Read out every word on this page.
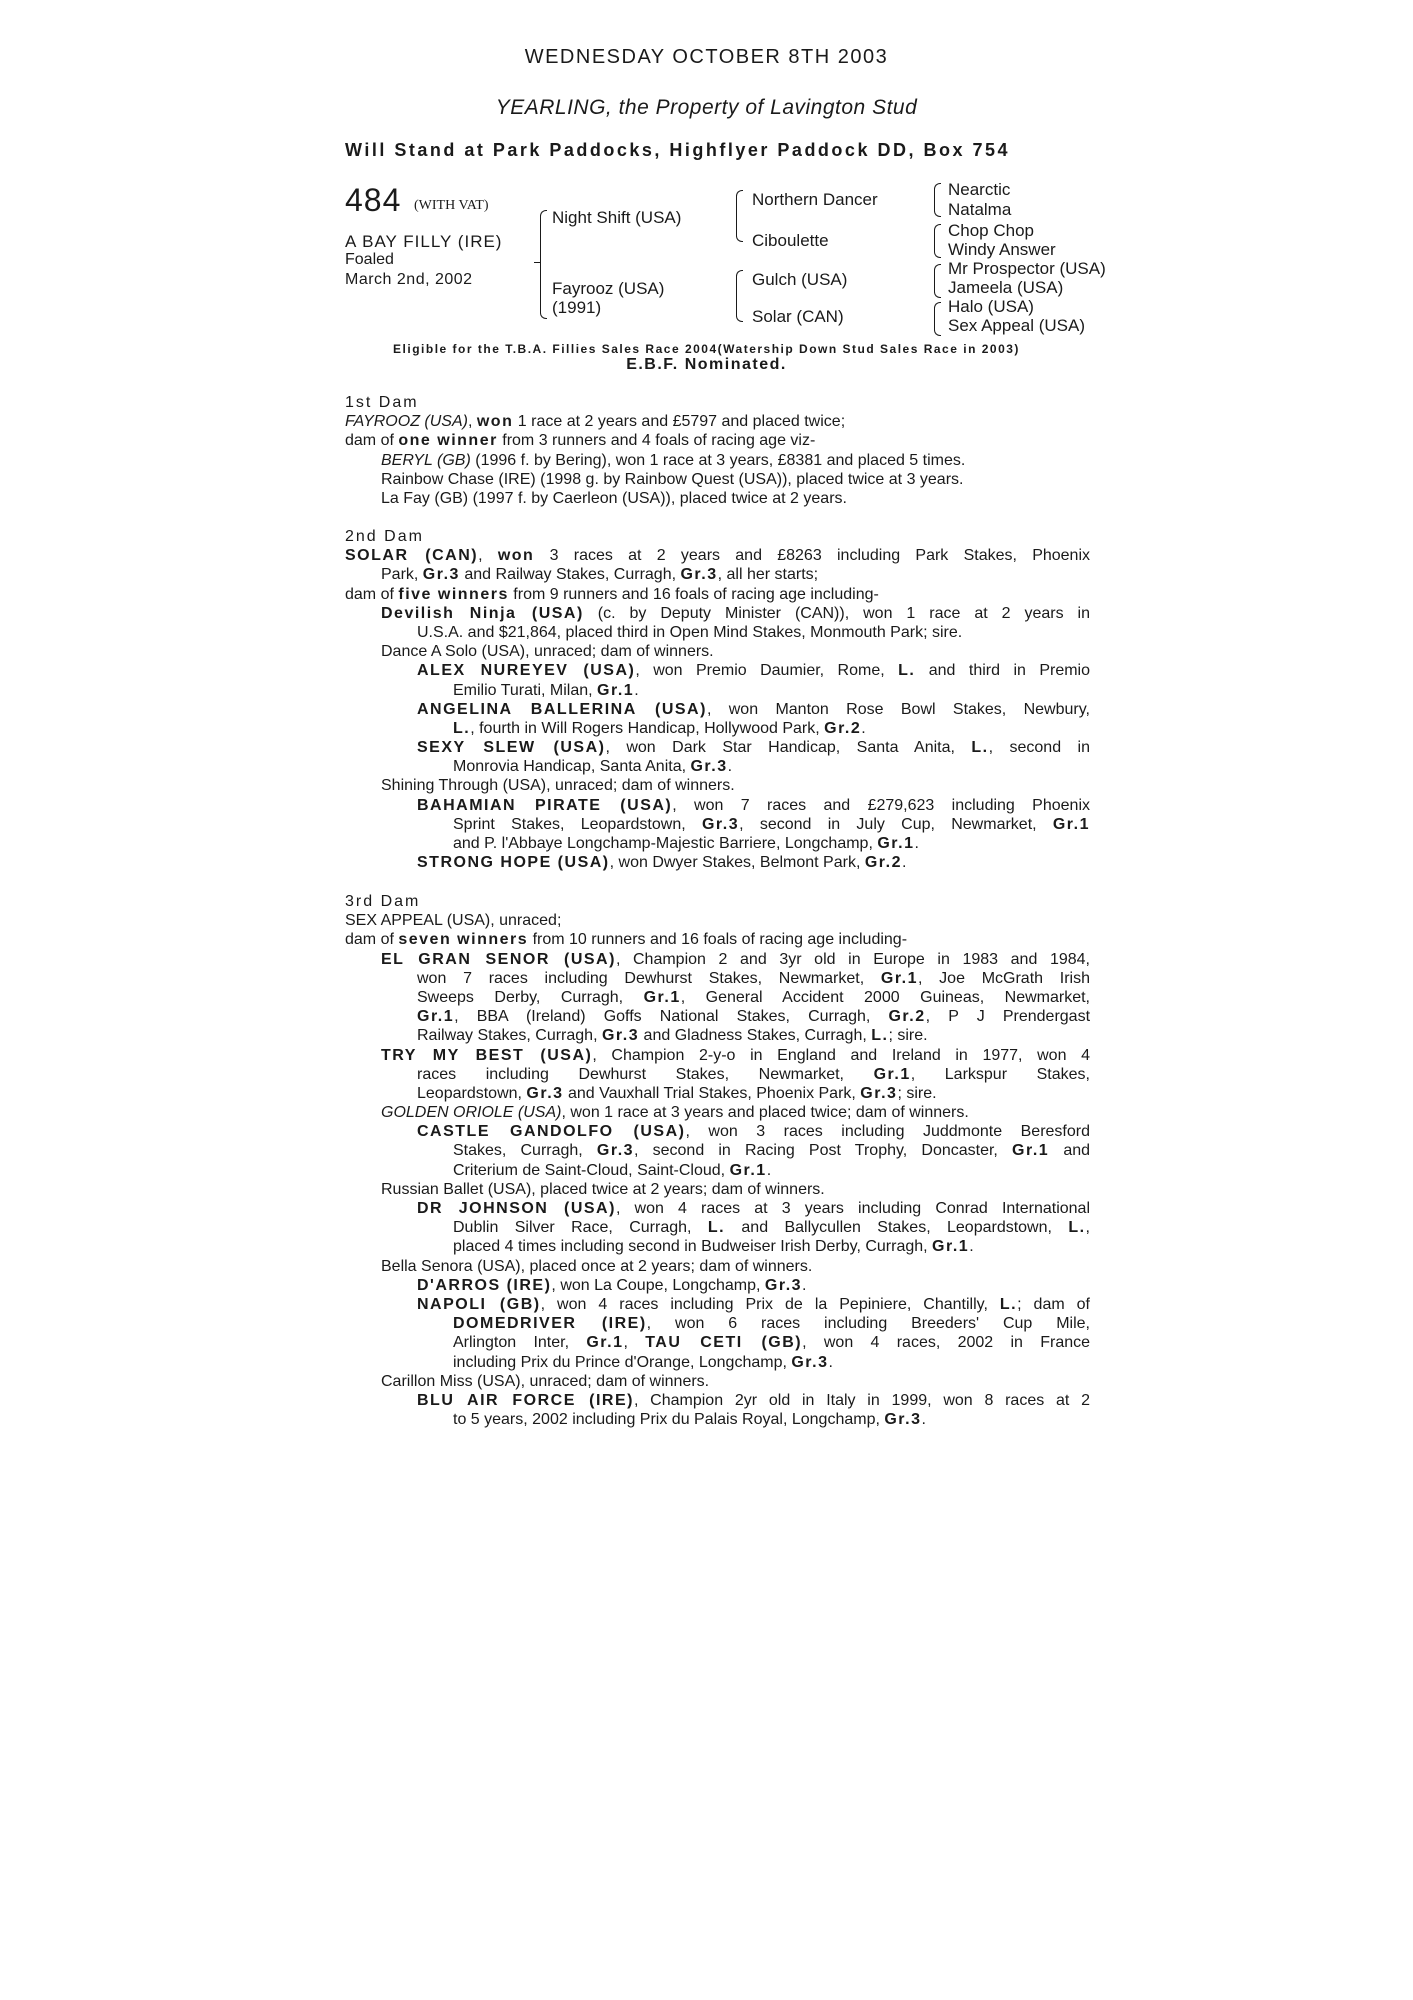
WEDNESDAY OCTOBER 8TH 2003
YEARLING, the Property of Lavington Stud
Will Stand at Park Paddocks, Highflyer Paddock DD, Box 754
484 (WITH VAT)
A BAY FILLY (IRE)
Foaled
March 2nd, 2002
Night Shift (USA)
Fayrooz (USA)
(1991)
Northern Dancer
Ciboulette
Gulch (USA)
Solar (CAN)
Nearctic
Natalma
Chop Chop
Windy Answer
Mr Prospector (USA)
Jameela (USA)
Halo (USA)
Sex Appeal (USA)
Eligible for the T.B.A. Fillies Sales Race 2004(Watership Down Stud Sales Race in 2003)
E.B.F. Nominated.
1st Dam
FAYROOZ (USA), won 1 race at 2 years and £5797 and placed twice;
dam of one winner from 3 runners and 4 foals of racing age viz-
BERYL (GB) (1996 f. by Bering), won 1 race at 3 years, £8381 and placed 5 times.
Rainbow Chase (IRE) (1998 g. by Rainbow Quest (USA)), placed twice at 3 years.
La Fay (GB) (1997 f. by Caerleon (USA)), placed twice at 2 years.
2nd Dam
SOLAR (CAN), won 3 races at 2 years and £8263 including Park Stakes, Phoenix
Park, Gr.3 and Railway Stakes, Curragh, Gr.3, all her starts;
dam of five winners from 9 runners and 16 foals of racing age including-
Devilish Ninja (USA) (c. by Deputy Minister (CAN)), won 1 race at 2 years in
U.S.A. and $21,864, placed third in Open Mind Stakes, Monmouth Park; sire.
Dance A Solo (USA), unraced; dam of winners.
ALEX NUREYEV (USA), won Premio Daumier, Rome, L. and third in Premio
Emilio Turati, Milan, Gr.1.
ANGELINA BALLERINA (USA), won Manton Rose Bowl Stakes, Newbury,
L., fourth in Will Rogers Handicap, Hollywood Park, Gr.2.
SEXY SLEW (USA), won Dark Star Handicap, Santa Anita, L., second in
Monrovia Handicap, Santa Anita, Gr.3.
Shining Through (USA), unraced; dam of winners.
BAHAMIAN PIRATE (USA), won 7 races and £279,623 including Phoenix
Sprint Stakes, Leopardstown, Gr.3, second in July Cup, Newmarket, Gr.1
and P. l'Abbaye Longchamp-Majestic Barriere, Longchamp, Gr.1.
STRONG HOPE (USA), won Dwyer Stakes, Belmont Park, Gr.2.
3rd Dam
SEX APPEAL (USA), unraced;
dam of seven winners from 10 runners and 16 foals of racing age including-
EL GRAN SENOR (USA), Champion 2 and 3yr old in Europe in 1983 and 1984,
won 7 races including Dewhurst Stakes, Newmarket, Gr.1, Joe McGrath Irish
Sweeps Derby, Curragh, Gr.1, General Accident 2000 Guineas, Newmarket,
Gr.1, BBA (Ireland) Goffs National Stakes, Curragh, Gr.2, P J Prendergast
Railway Stakes, Curragh, Gr.3 and Gladness Stakes, Curragh, L.; sire.
TRY MY BEST (USA), Champion 2-y-o in England and Ireland in 1977, won 4
races including Dewhurst Stakes, Newmarket, Gr.1, Larkspur Stakes,
Leopardstown, Gr.3 and Vauxhall Trial Stakes, Phoenix Park, Gr.3; sire.
GOLDEN ORIOLE (USA), won 1 race at 3 years and placed twice; dam of winners.
CASTLE GANDOLFO (USA), won 3 races including Juddmonte Beresford
Stakes, Curragh, Gr.3, second in Racing Post Trophy, Doncaster, Gr.1 and
Criterium de Saint-Cloud, Saint-Cloud, Gr.1.
Russian Ballet (USA), placed twice at 2 years; dam of winners.
DR JOHNSON (USA), won 4 races at 3 years including Conrad International
Dublin Silver Race, Curragh, L. and Ballycullen Stakes, Leopardstown, L.,
placed 4 times including second in Budweiser Irish Derby, Curragh, Gr.1.
Bella Senora (USA), placed once at 2 years; dam of winners.
D'ARROS (IRE), won La Coupe, Longchamp, Gr.3.
NAPOLI (GB), won 4 races including Prix de la Pepiniere, Chantilly, L.; dam of
DOMEDRIVER (IRE), won 6 races including Breeders' Cup Mile,
Arlington Inter, Gr.1, TAU CETI (GB), won 4 races, 2002 in France
including Prix du Prince d'Orange, Longchamp, Gr.3.
Carillon Miss (USA), unraced; dam of winners.
BLU AIR FORCE (IRE), Champion 2yr old in Italy in 1999, won 8 races at 2
to 5 years, 2002 including Prix du Palais Royal, Longchamp, Gr.3.
